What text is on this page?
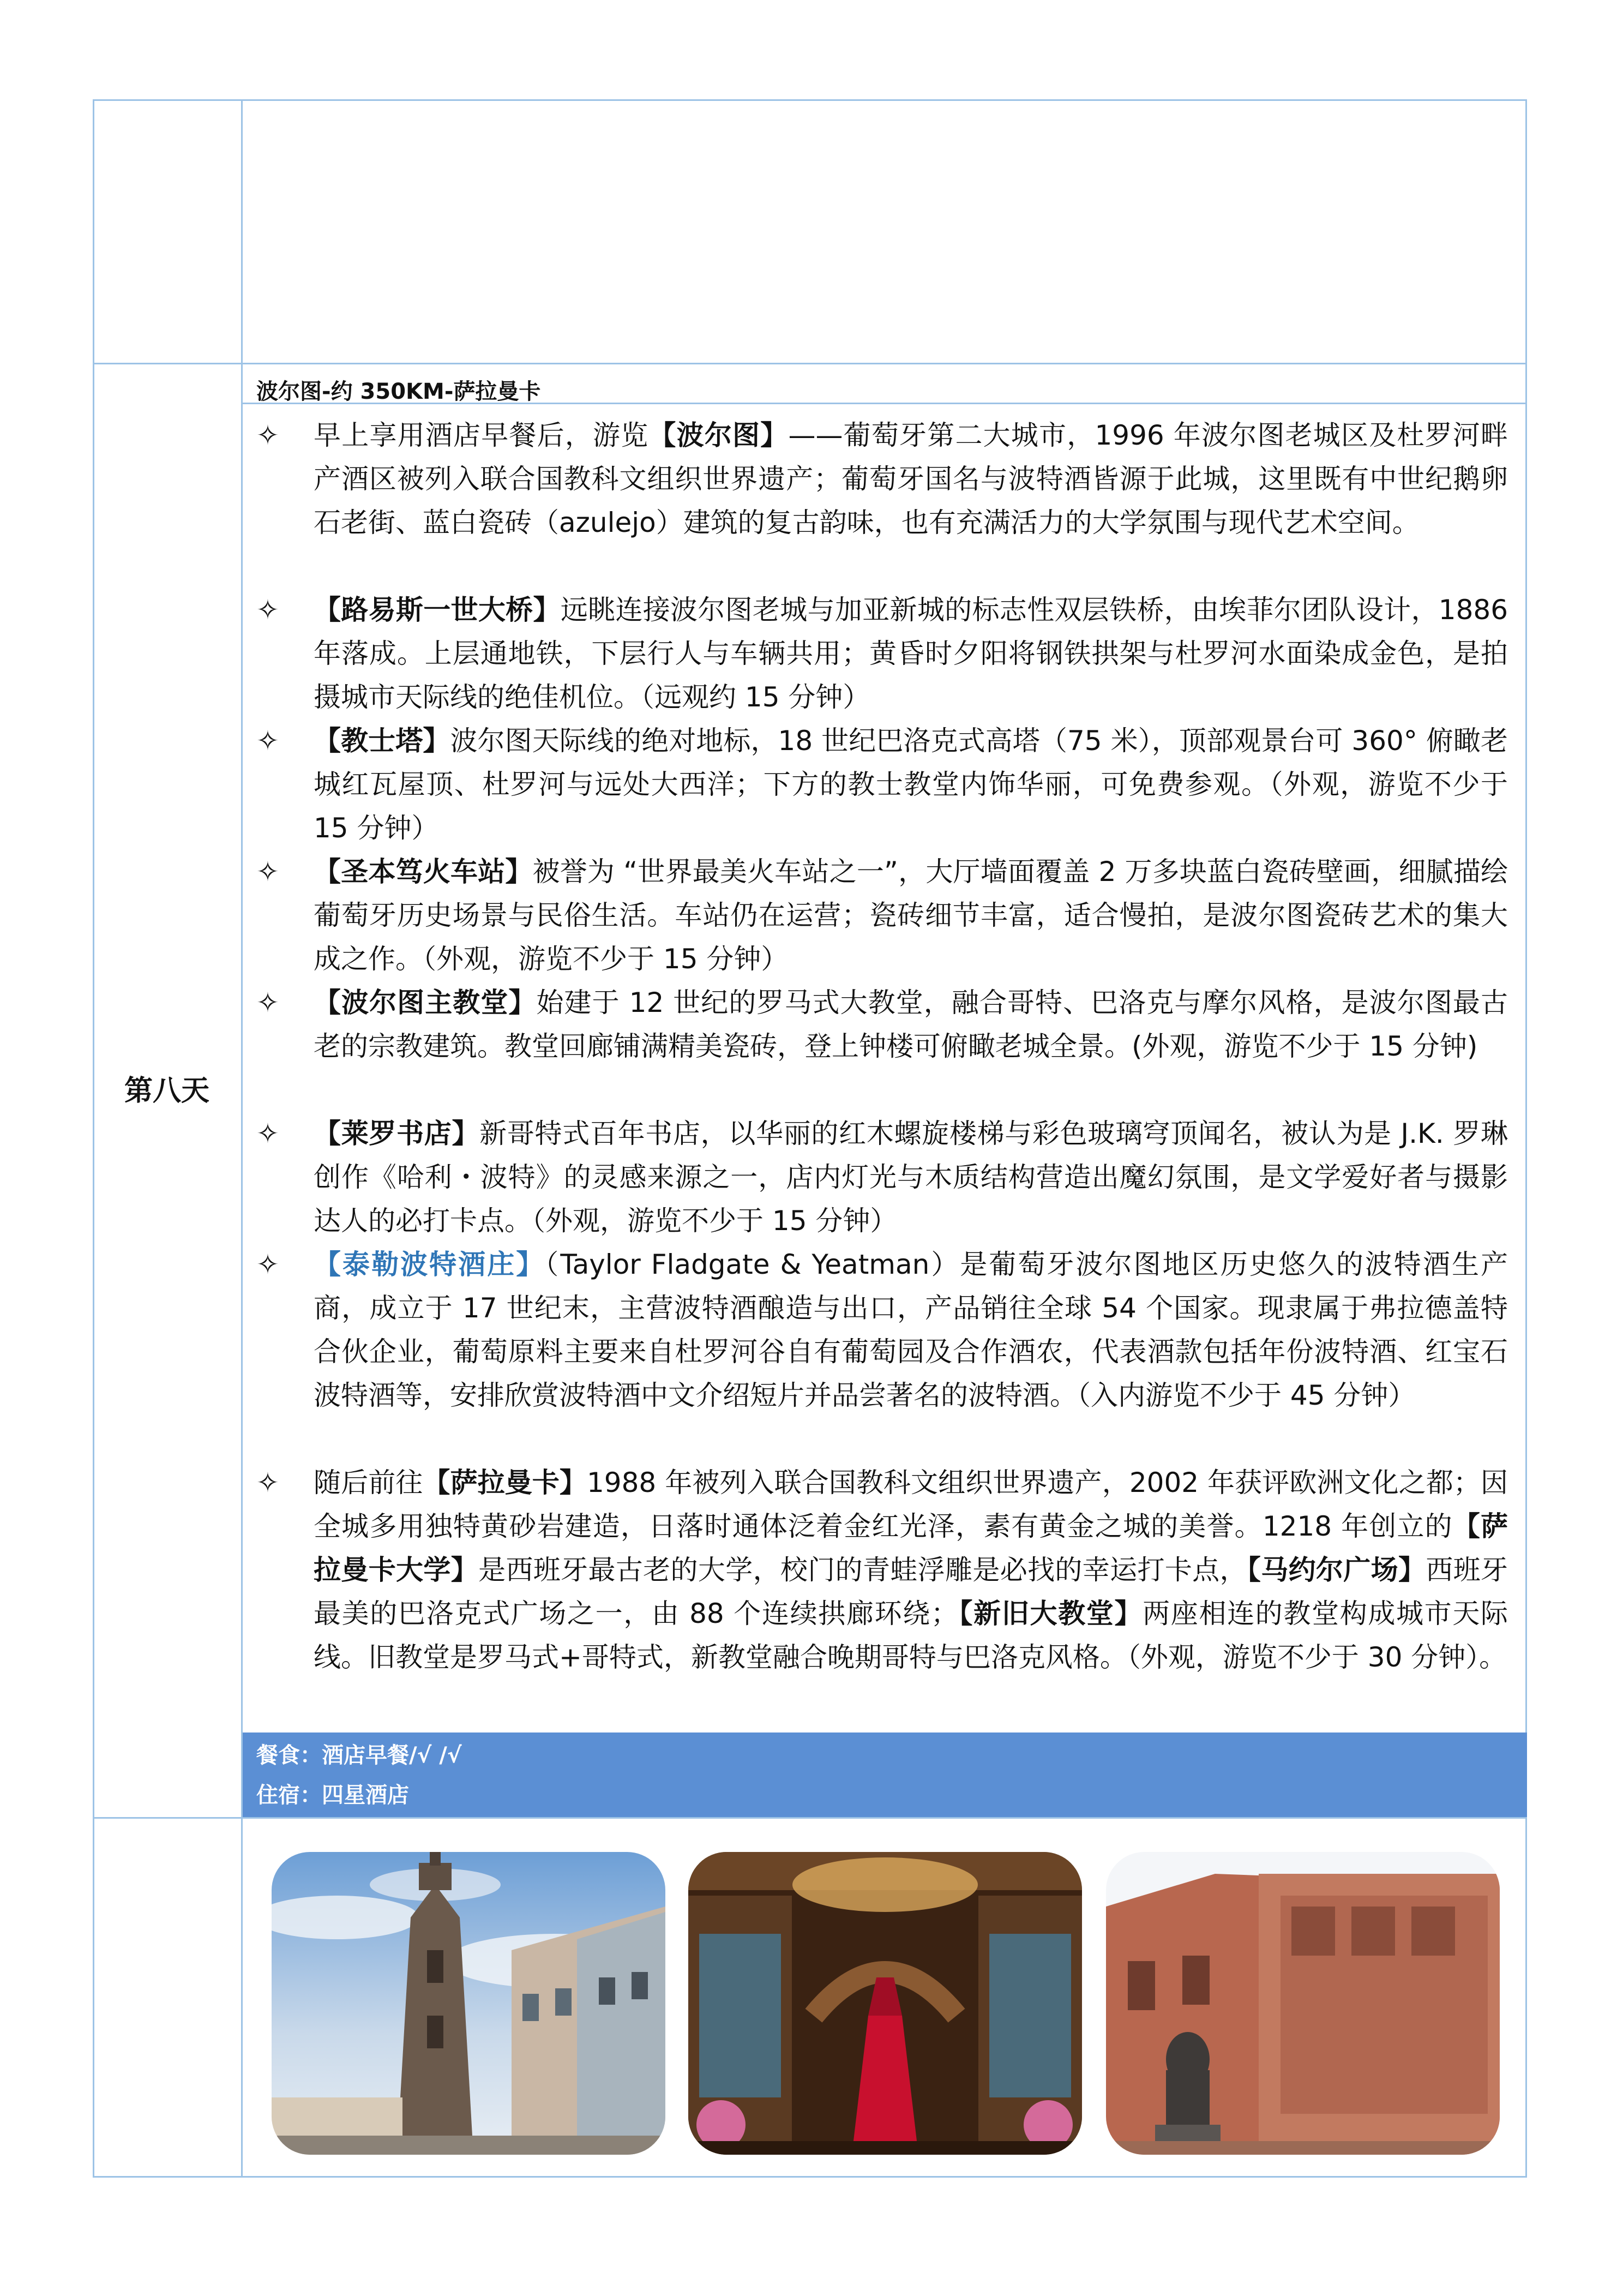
第八天
波尔图-约 350KM-萨拉曼卡
✧	早上享用酒店早餐后，游览【波尔图】——葡萄牙第二大城市，1996 年波尔图老城区及杜罗河畔产酒区被列入联合国教科文组织世界遗产；葡萄牙国名与波特酒皆源于此城，这里既有中世纪鹅卵石老街、蓝白瓷砖（azulejo）建筑的复古韵味，也有充满活力的大学氛围与现代艺术空间。
✧	【路易斯一世大桥】远眺连接波尔图老城与加亚新城的标志性双层铁桥，由埃菲尔团队设计，1886 年落成。上层通地铁，下层行人与车辆共用；黄昏时夕阳将钢铁拱架与杜罗河水面染成金色，是拍摄城市天际线的绝佳机位。（远观约 15 分钟）
✧	【教士塔】波尔图天际线的绝对地标，18 世纪巴洛克式高塔（75 米），顶部观景台可 360° 俯瞰老城红瓦屋顶、杜罗河与远处大西洋；下方的教士教堂内饰华丽，可免费参观。（外观，游览不少于 15 分钟）
✧	【圣本笃火车站】被誉为 “世界最美火车站之一”，大厅墙面覆盖 2 万多块蓝白瓷砖壁画，细腻描绘葡萄牙历史场景与民俗生活。车站仍在运营；瓷砖细节丰富，适合慢拍，是波尔图瓷砖艺术的集大成之作。（外观，游览不少于 15 分钟）
✧	【波尔图主教堂】始建于 12 世纪的罗马式大教堂，融合哥特、巴洛克与摩尔风格，是波尔图最古老的宗教建筑。教堂回廊铺满精美瓷砖，登上钟楼可俯瞰老城全景。(外观，游览不少于 15 分钟)
✧	【莱罗书店】新哥特式百年书店，以华丽的红木螺旋楼梯与彩色玻璃穹顶闻名，被认为是 J.K. 罗琳创作《哈利・波特》的灵感来源之一，店内灯光与木质结构营造出魔幻氛围，是文学爱好者与摄影达人的必打卡点。（外观，游览不少于 15 分钟）
✧	【泰勒波特酒庄】（Taylor Fladgate & Yeatman）是葡萄牙波尔图地区历史悠久的波特酒生产商，成立于 17 世纪末，主营波特酒酿造与出口，产品销往全球 54 个国家。现隶属于弗拉德盖特合伙企业，葡萄原料主要来自杜罗河谷自有葡萄园及合作酒农，代表酒款包括年份波特酒、红宝石波特酒等，安排欣赏波特酒中文介绍短片并品尝著名的波特酒。（入内游览不少于 45 分钟）
✧	随后前往【萨拉曼卡】1988 年被列入联合国教科文组织世界遗产，2002 年获评欧洲文化之都；因全城多用独特黄砂岩建造，日落时通体泛着金红光泽，素有黄金之城的美誉。1218 年创立的【萨拉曼卡大学】是西班牙最古老的大学，校门的青蛙浮雕是必找的幸运打卡点，【马约尔广场】西班牙最美的巴洛克式广场之一，由 88 个连续拱廊环绕；【新旧大教堂】两座相连的教堂构成城市天际线。旧教堂是罗马式+哥特式，新教堂融合晚期哥特与巴洛克风格。（外观，游览不少于 30 分钟）。
餐食：酒店早餐/√ /√
住宿：四星酒店
